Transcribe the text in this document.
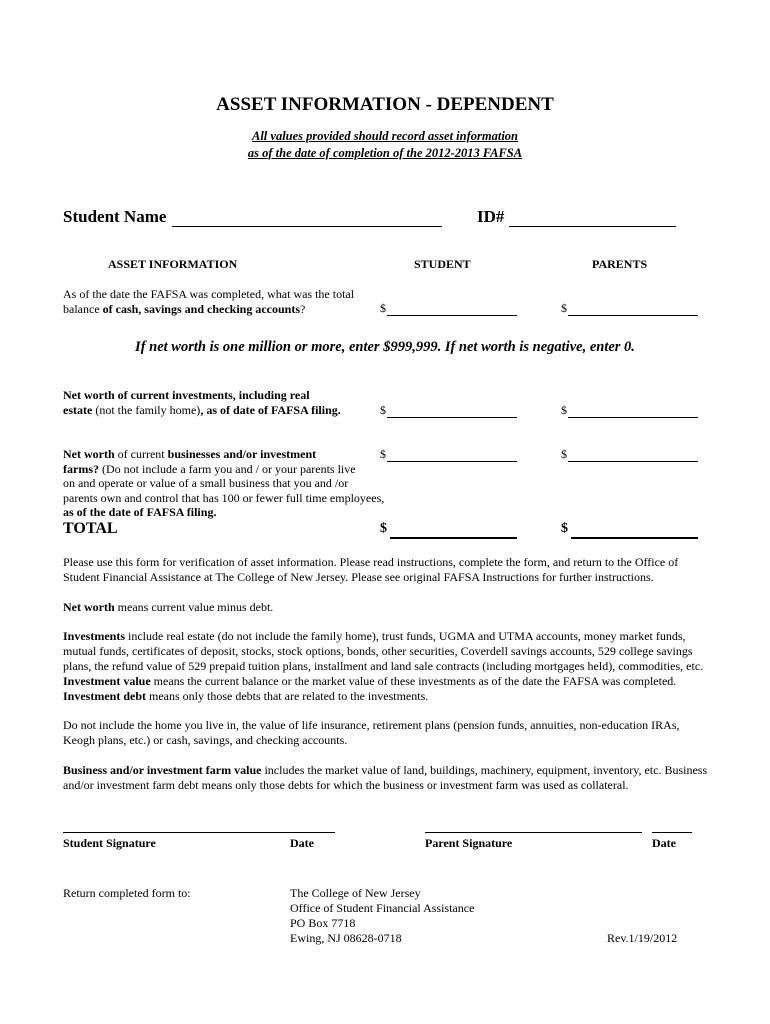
ASSET INFORMATION - DEPENDENT
All values provided should record asset information
as of the date of completion of the 2012-2013 FAFSA
Student Name	ID#
ASSET INFORMATION	STUDENT	PARENTS
As of the date the FAFSA was completed, what was the total
balance of cash, savings and checking accounts?	$	$
If net worth is one million or more, enter $999,999. If net worth is negative, enter 0.
Net worth of current investments, including real
estate (not the family home), as of date of FAFSA filing.	$	$
Net worth of current businesses and/or investment
farms? (Do not include a farm you and / or your parents live
on and operate or value of a small business that you and /or
parents own and control that has 100 or fewer full time employees,
as of the date of FAFSA filing.
$	$
TOTAL	$	$
Please use this form for verification of asset information. Please read instructions, complete the form, and return to the Office of Student Financial Assistance at The College of New Jersey. Please see original FAFSA Instructions for further instructions.
Net worth means current value minus debt.
Investments include real estate (do not include the family home), trust funds, UGMA and UTMA accounts, money market funds, mutual funds, certificates of deposit, stocks, stock options, bonds, other securities, Coverdell savings accounts, 529 college savings plans, the refund value of 529 prepaid tuition plans, installment and land sale contracts (including mortgages held), commodities, etc. Investment value means the current balance or the market value of these investments as of the date the FAFSA was completed. Investment debt means only those debts that are related to the investments.
Do not include the home you live in, the value of life insurance, retirement plans (pension funds, annuities, non-education IRAs, Keogh plans, etc.) or cash, savings, and checking accounts.
Business and/or investment farm value includes the market value of land, buildings, machinery, equipment, inventory, etc. Business and/or investment farm debt means only those debts for which the business or investment farm was used as collateral.
Student Signature	Date	Parent Signature	Date
Return completed form to:	The College of New Jersey
Office of Student Financial Assistance
PO Box 7718
Ewing, NJ 08628-0718	Rev.1/19/2012
